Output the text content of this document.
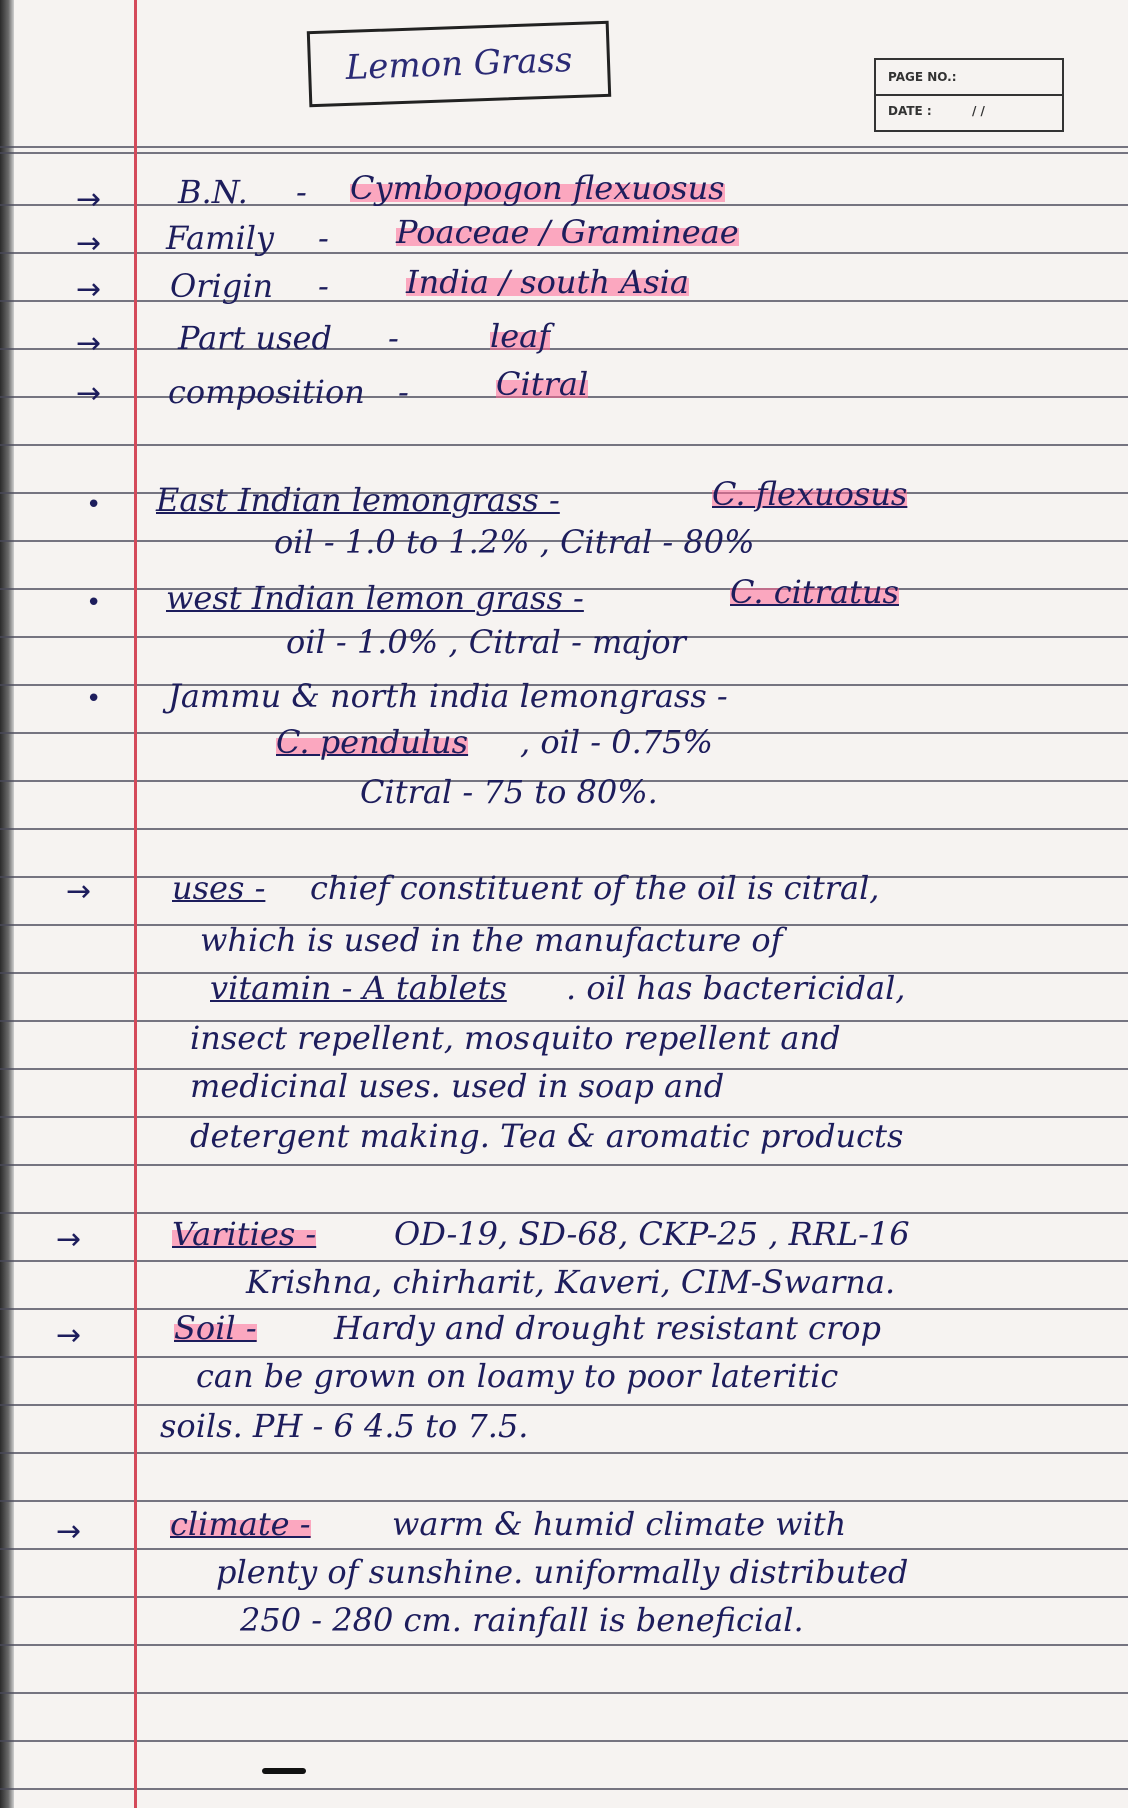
Lemon Grass	PAGE NO.:
DATE :	/ /
→ B.N. - Cymbopogon flexuosus
→ Family - Poaceae / Gramineae
→ Origin - India / south Asia
→ Part used -	leaf
→ composition -	Citral
• East Indian lemongrass -	C. flexuosus
oil - 1.0 to 1.2% , Citral - 80%
• west Indian lemon grass -	C. citratus
oil - 1.0% , Citral - major
• Jammu & north india lemongrass -
C. pendulus , oil - 0.75%
Citral - 75 to 80%.
→	uses - chief constituent of the oil is citral,
which is used in the manufacture of
vitamin - A tablets . oil has bactericidal,
insect repellent, mosquito repellent and
medicinal uses. used in soap and
detergent making. Tea & aromatic products
→	Varities - OD-19, SD-68, CKP-25 , RRL-16
Krishna, chirharit, Kaveri, CIM-Swarna.
→	Soil - Hardy and drought resistant crop
can be grown on loamy to poor lateritic
soils. PH - 6 4.5 to 7.5.
→	climate -	warm & humid climate with
plenty of sunshine. uniformally distributed
250 - 280 cm. rainfall is beneficial.
